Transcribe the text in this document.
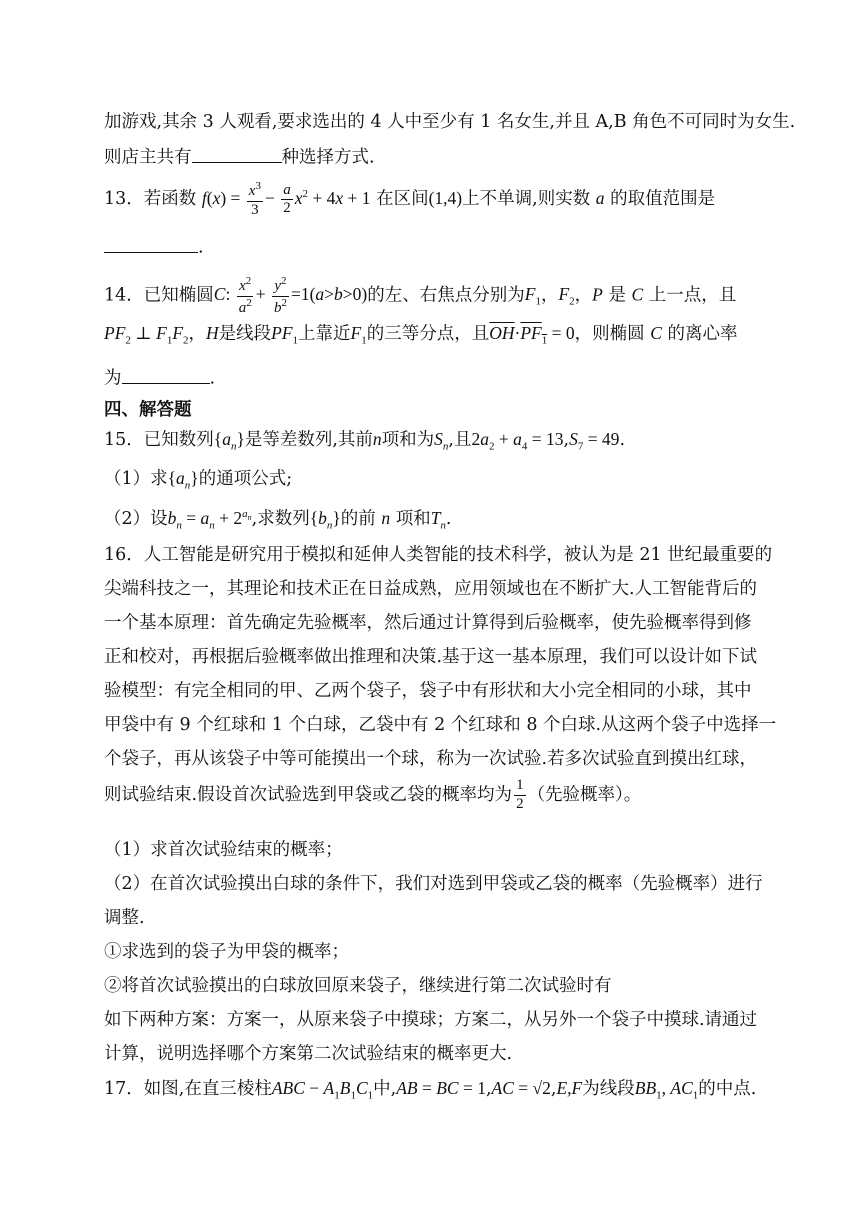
加游戏,其余 3 人观看,要求选出的 4 人中至少有 1 名女生,并且 A,B 角色不可同时为女生.
则店主共有	种选择方式.
13．若函数 $f(x) = \frac{x^3}{3} - \frac{a}{2} x^2 + 4x + 1$ 在区间(1,4)上不单调,则实数 a 的取值范围是
.
14．已知椭圆C: $\frac{x^2}{a^2} + \frac{y^2}{b^2} =1(a>b>0)$的左、右焦点分别为$F_1$，$F_2$，P 是 C 上一点，且
$PF_2$ ⊥ $F_1F_2$，H是线段$PF_1$上靠近$F_1$的三等分点，且$\overline{OH}\cdot PF_1 = 0$，则椭圆 C 的离心率
为	.
四、解答题
15．已知数列$\{a_n\}$是等差数列,其前n项和为$S_n$,且$2a_2 + a_4 = 13,S_7 = 49$.
（1）求$\{a_n\}$的通项公式;
（2）设$b_n = a_n + 2^{a_n}$,求数列$\{b_n\}$的前 n 项和$T_n$.
16．人工智能是研究用于模拟和延伸人类智能的技术科学，被认为是 21 世纪最重要的
尖端科技之一，其理论和技术正在日益成熟，应用领域也在不断扩大.人工智能背后的
一个基本原理：首先确定先验概率，然后通过计算得到后验概率，使先验概率得到修
正和校对，再根据后验概率做出推理和决策.基于这一基本原理，我们可以设计如下试
验模型：有完全相同的甲、乙两个袋子，袋子中有形状和大小完全相同的小球，其中
甲袋中有 9 个红球和 1 个白球，乙袋中有 2 个红球和 8 个白球.从这两个袋子中选择一
个袋子，再从该袋子中等可能摸出一个球，称为一次试验.若多次试验直到摸出红球，
则试验结束.假设首次试验选到甲袋或乙袋的概率均为 $\frac{1}{2}$ （先验概率）。
（1）求首次试验结束的概率；
（2）在首次试验摸出白球的条件下，我们对选到甲袋或乙袋的概率（先验概率）进行
调整.
①求选到的袋子为甲袋的概率；
②将首次试验摸出的白球放回原来袋子，继续进行第二次试验时有
如下两种方案：方案一，从原来袋子中摸球；方案二，从另外一个袋子中摸球.请通过
计算，说明选择哪个方案第二次试验结束的概率更大.
17．如图,在直三棱柱ABC − $A_1B_1C_1$中,AB = BC = 1,AC = √2,E,F为线段$BB_1$, $AC_1$的中点.
